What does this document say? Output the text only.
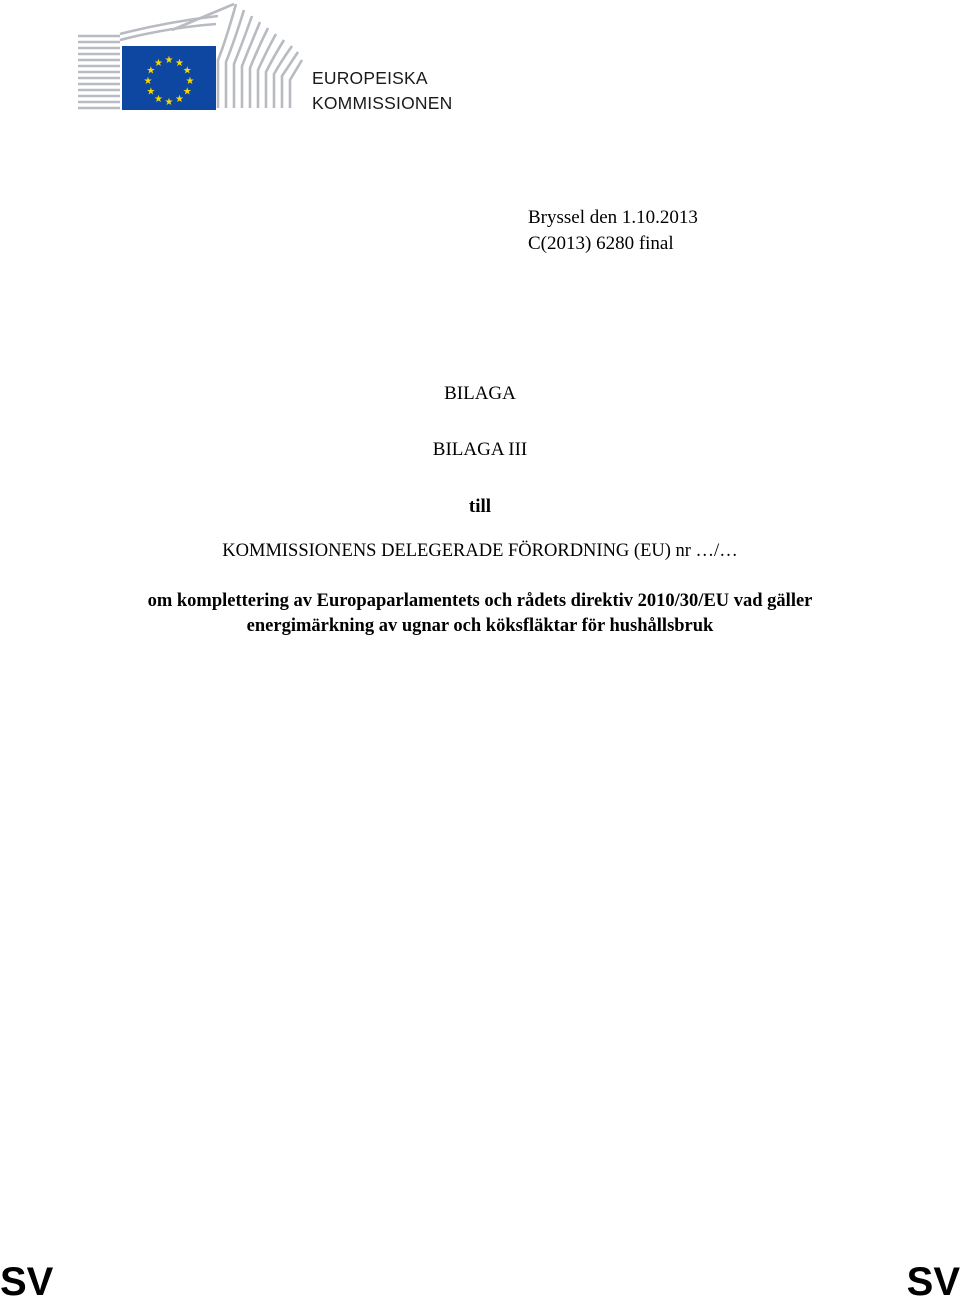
★ ★
★
★
★
★
★
★
★
★
★
★
EUROPEISKA
KOMMISSIONEN
Bryssel den 1.10.2013
C(2013) 6280 final
BILAGA
BILAGA III
till
KOMMISSIONENS DELEGERADE FÖRORDNING (EU) nr …/…
om komplettering av Europaparlamentets och rådets direktiv 2010/30/EU vad gäller
energimärkning av ugnar och köksfläktar för hushållsbruk
SV	SV
